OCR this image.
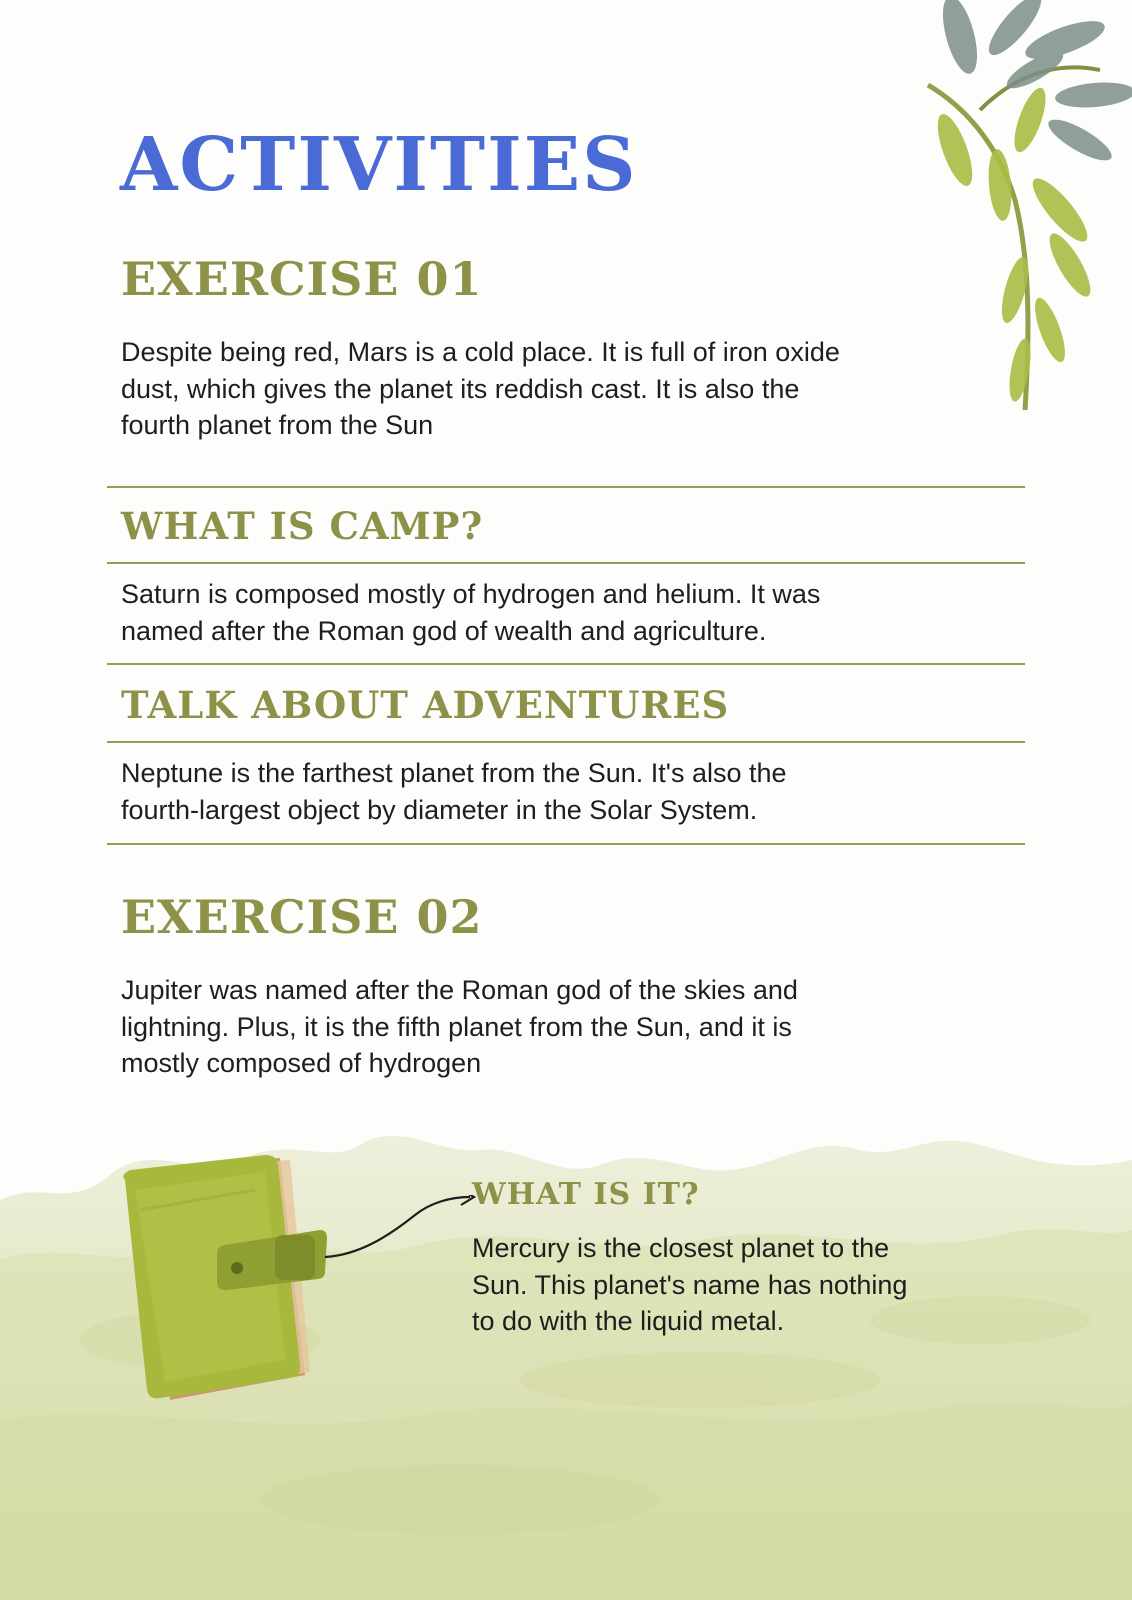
ACTIVITIES
EXERCISE 01
Despite being red, Mars is a cold place. It is full of iron oxide
dust, which gives the planet its reddish cast. It is also the
fourth planet from the Sun
WHAT IS CAMP?
Saturn is composed mostly of hydrogen and helium. It was
named after the Roman god of wealth and agriculture.
TALK ABOUT ADVENTURES
Neptune is the farthest planet from the Sun. It's also the
fourth-largest object by diameter in the Solar System.
EXERCISE 02
Jupiter was named after the Roman god of the skies and
lightning. Plus, it is the fifth planet from the Sun, and it is
mostly composed of hydrogen
WHAT IS IT?
Mercury is the closest planet to the
Sun. This planet's name has nothing
to do with the liquid metal.
